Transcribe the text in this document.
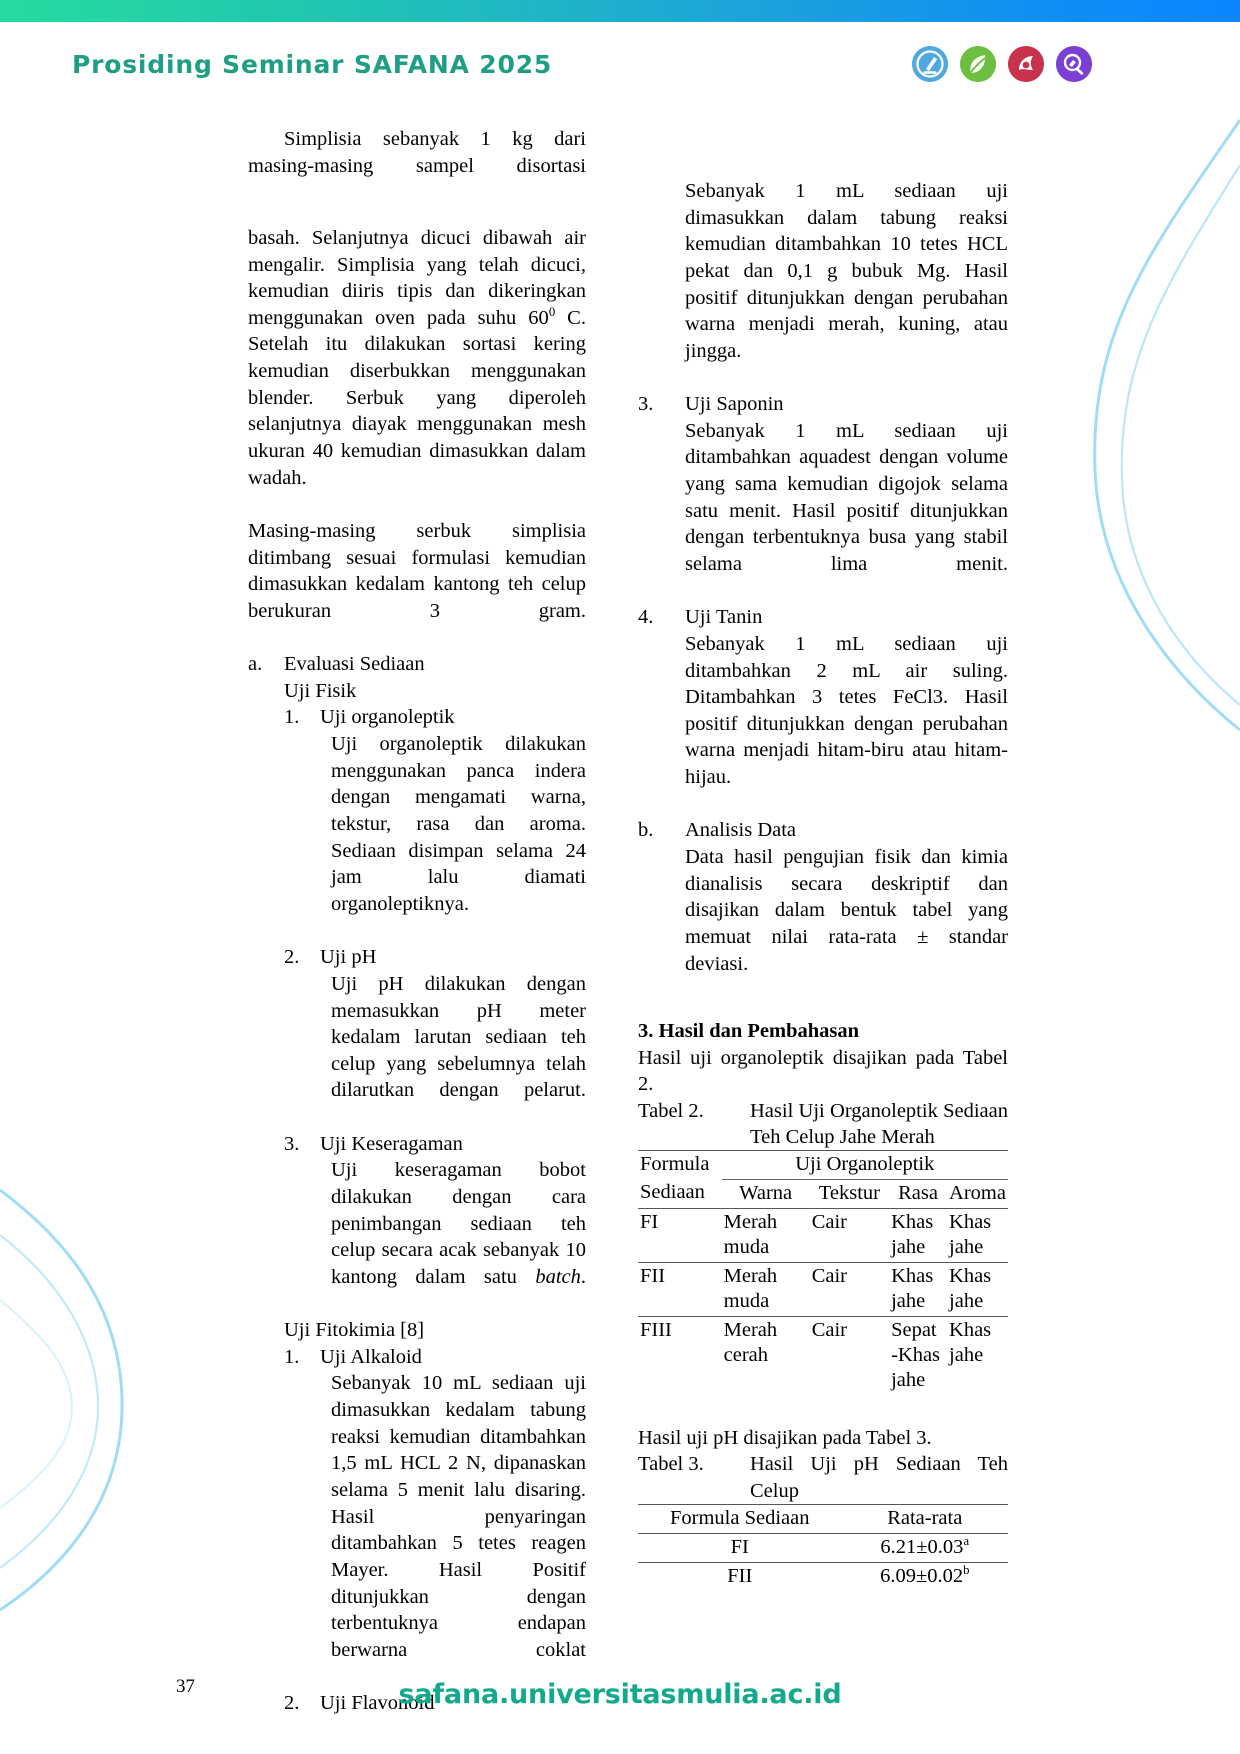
Prosiding Seminar SAFANA 2025

Simplisia sebanyak 1 kg dari masing-masing sampel disortasi

basah. Selanjutnya dicuci dibawah air mengalir. Simplisia yang telah dicuci, kemudian diiris tipis dan dikeringkan menggunakan oven pada suhu $60^0$ C. Setelah itu dilakukan sortasi kering kemudian diserbukkan menggunakan blender. Serbuk yang diperoleh selanjutnya diayak menggunakan mesh ukuran 40 kemudian dimasukkan dalam wadah.

Masing-masing serbuk simplisia ditimbang sesuai formulasi kemudian dimasukkan kedalam kantong teh celup berukuran 3 gram.

a.	Evaluasi Sediaan

Uji Fisik

1.	Uji organoleptik

Uji organoleptik dilakukan menggunakan panca indera dengan mengamati warna, tekstur, rasa dan aroma. Sediaan disimpan selama 24 jam lalu diamati organoleptiknya.

2.	Uji pH

Uji pH dilakukan dengan memasukkan pH meter kedalam larutan sediaan teh celup yang sebelumnya telah dilarutkan dengan pelarut.

3.	Uji Keseragaman

Uji keseragaman bobot dilakukan dengan cara penimbangan sediaan teh celup secara acak sebanyak 10 kantong dalam satu batch.

Uji Fitokimia [8]

1.	Uji Alkaloid

Sebanyak 10 mL sediaan uji dimasukkan kedalam tabung reaksi kemudian ditambahkan 1,5 mL HCL 2 N, dipanaskan selama 5 menit lalu disaring. Hasil penyaringan ditambahkan 5 tetes reagen Mayer. Hasil Positif ditunjukkan dengan terbentuknya endapan berwarna coklat

2.	Uji Flavonoid

Sebanyak 1 mL sediaan uji dimasukkan dalam tabung reaksi kemudian ditambahkan 10 tetes HCL pekat dan 0,1 g bubuk Mg. Hasil positif ditunjukkan dengan perubahan warna menjadi merah, kuning, atau jingga.

3.	Uji Saponin

Sebanyak 1 mL sediaan uji ditambahkan aquadest dengan volume yang sama kemudian digojok selama satu menit. Hasil positif ditunjukkan dengan terbentuknya busa yang stabil selama lima menit.

4.	Uji Tanin

Sebanyak 1 mL sediaan uji ditambahkan 2 mL air suling. Ditambahkan 3 tetes FeCl3. Hasil positif ditunjukkan dengan perubahan warna menjadi hitam-biru atau hitam-hijau.

b.	Analisis Data

Data hasil pengujian fisik dan kimia dianalisis secara deskriptif dan disajikan dalam bentuk tabel yang memuat nilai rata-rata ± standar deviasi.

3. Hasil dan Pembahasan

Hasil uji organoleptik disajikan pada Tabel 2.

Tabel 2.	Hasil Uji Organoleptik Sediaan
Teh Celup Jahe Merah
Formula	Uji Organoleptik			
Sediaan	Warna	Tekstur	Rasa	Aroma
FI	Merah muda	Cair	Khas jahe	Khas jahe
FII	Merah muda	Cair	Khas jahe	Khas jahe
FIII	Merah cerah	Cair	Sepat -Khas jahe	Khas jahe

Hasil uji pH disajikan pada Tabel 3.

Tabel 3.	Hasil Uji pH Sediaan Teh Celup
Formula Sediaan	Rata-rata
FI	6.21±0.03$^a$
FII	6.09±0.02$^b$
37	safana.universitasmulia.ac.id
